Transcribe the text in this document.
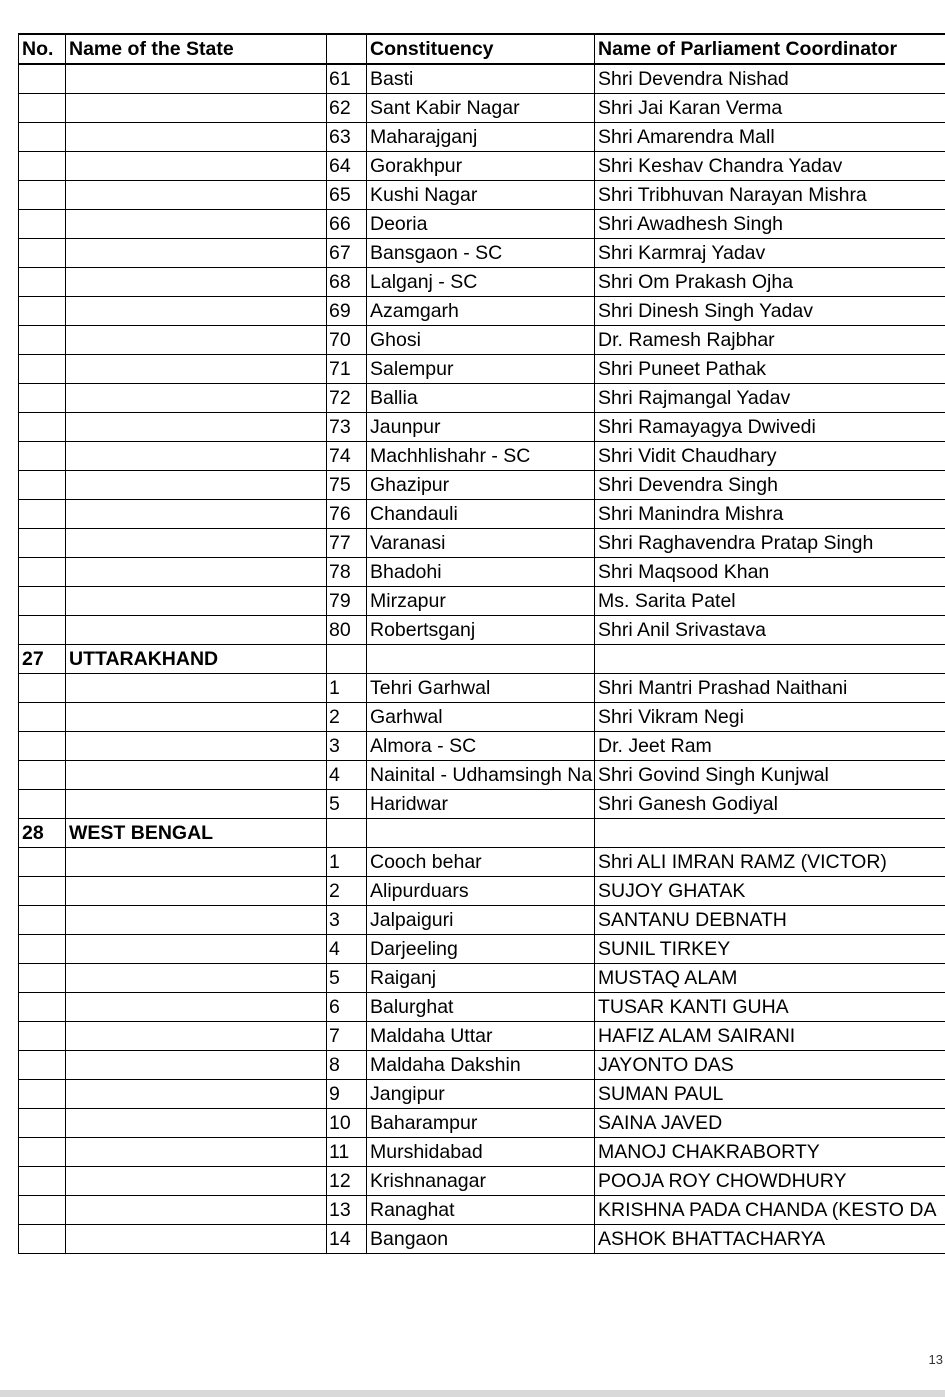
No.	Name of the State		Constituency	Name of Parliament Coordinator
		61	Basti	Shri Devendra Nishad
		62	Sant Kabir Nagar	Shri Jai Karan Verma
		63	Maharajganj	Shri Amarendra Mall
		64	Gorakhpur	Shri Keshav Chandra Yadav
		65	Kushi Nagar	Shri Tribhuvan Narayan Mishra
		66	Deoria	Shri Awadhesh Singh
		67	Bansgaon - SC	Shri Karmraj Yadav
		68	Lalganj - SC	Shri Om Prakash Ojha
		69	Azamgarh	Shri Dinesh Singh Yadav
		70	Ghosi	Dr. Ramesh Rajbhar
		71	Salempur	Shri Puneet Pathak
		72	Ballia	Shri Rajmangal Yadav
		73	Jaunpur	Shri Ramayagya Dwivedi
		74	Machhlishahr - SC	Shri Vidit Chaudhary
		75	Ghazipur	Shri Devendra Singh
		76	Chandauli	Shri Manindra Mishra
		77	Varanasi	Shri Raghavendra Pratap Singh
		78	Bhadohi	Shri Maqsood Khan
		79	Mirzapur	Ms. Sarita Patel
		80	Robertsganj	Shri Anil Srivastava
27	UTTARAKHAND			
		1	Tehri Garhwal	Shri Mantri Prashad Naithani
		2	Garhwal	Shri Vikram Negi
		3	Almora - SC	Dr. Jeet Ram
		4	Nainital - Udhamsingh Na	Shri Govind Singh Kunjwal
		5	Haridwar	Shri Ganesh Godiyal
28	WEST BENGAL			
		1	Cooch behar	Shri ALI IMRAN RAMZ (VICTOR)
		2	Alipurduars	SUJOY GHATAK
		3	Jalpaiguri	SANTANU DEBNATH
		4	Darjeeling	SUNIL TIRKEY
		5	Raiganj	MUSTAQ ALAM
		6	Balurghat	TUSAR KANTI GUHA
		7	Maldaha Uttar	HAFIZ ALAM SAIRANI
		8	Maldaha Dakshin	JAYONTO DAS
		9	Jangipur	SUMAN PAUL
		10	Baharampur	SAINA JAVED
		11	Murshidabad	MANOJ CHAKRABORTY
		12	Krishnanagar	POOJA ROY CHOWDHURY
		13	Ranaghat	KRISHNA PADA CHANDA (KESTO DA
		14	Bangaon	ASHOK BHATTACHARYA
13
